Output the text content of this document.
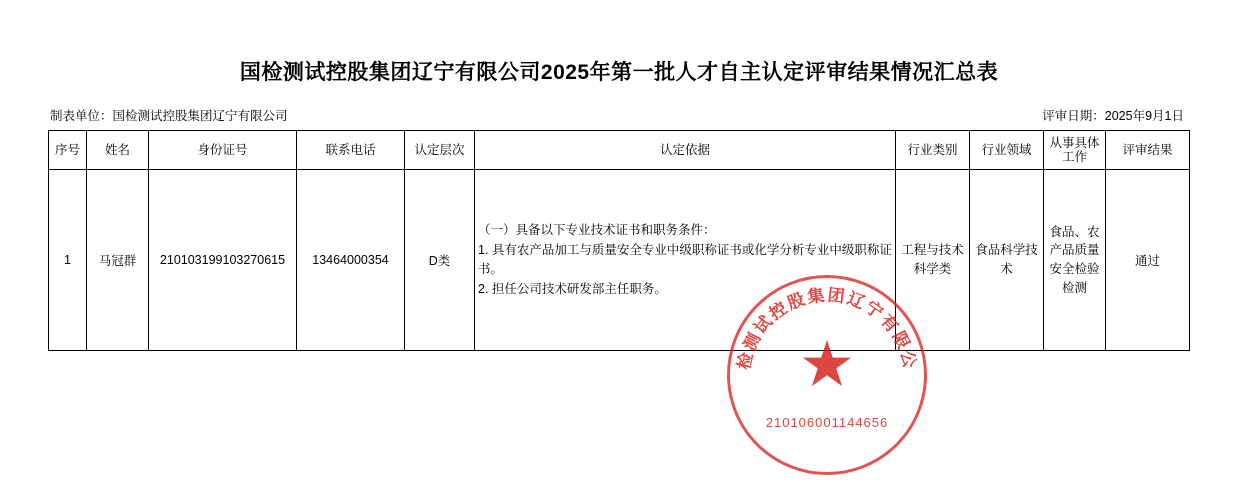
国检测试控股集团辽宁有限公司2025年第一批人才自主认定评审结果情况汇总表
制表单位：国检测试控股集团辽宁有限公司	评审日期：2025年9月1日
序号	姓名	身份证号	联系电话	认定层次	认定依据	行业类别	行业领域	从事具体
工作	评审结果
1	马冠群	210103199103270615	13464000354	D类	（一）具备以下专业技术证书和职务条件：
1. 具有农产品加工与质量安全专业中级职称证书或化学分析专业中级职称证书。
2. 担任公司技术研发部主任职务。	工程与技术科学类	食品科学技术	食品、农产品质量安全检验检测	通过
国检测试控股集团辽宁有限公司
★
210106001144656
